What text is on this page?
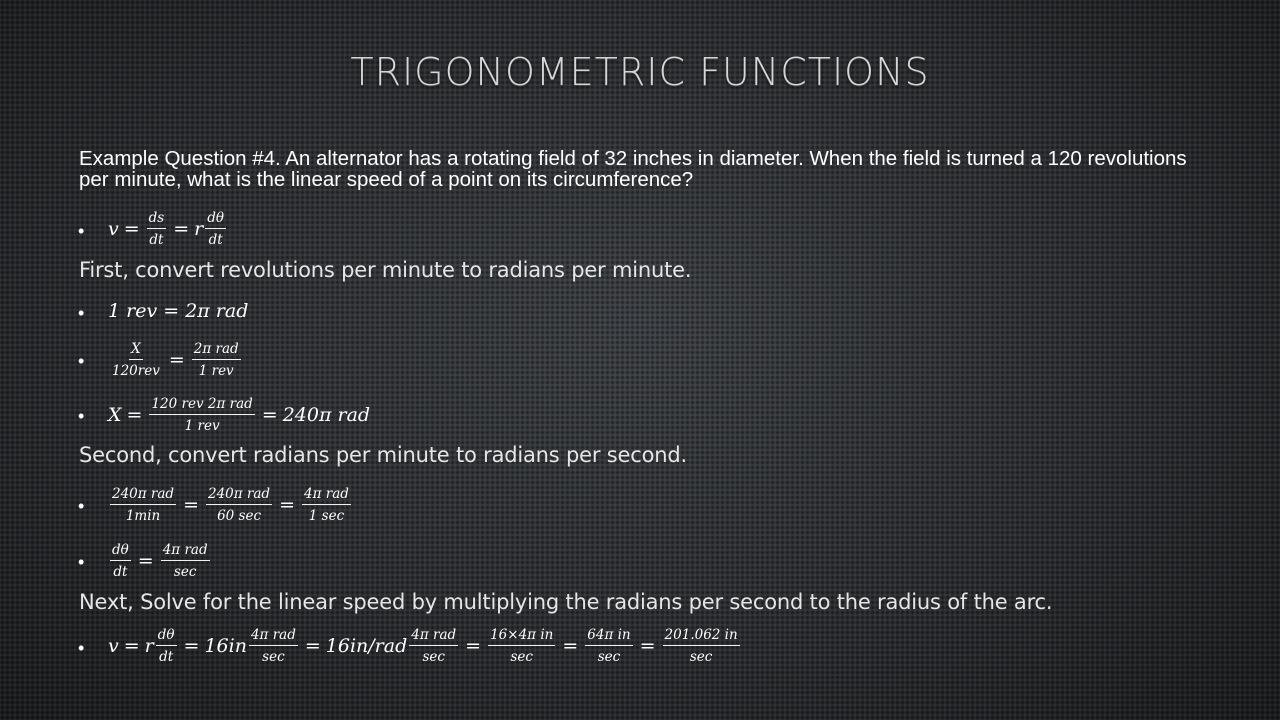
TRIGONOMETRIC FUNCTIONS
Example Question #4. An alternator has a rotating field of 32 inches in diameter. When the field is turned a 120 revolutions per minute, what is the linear speed of a point on its circumference?
• $v = \frac{ds}{dt} = r \frac{d\theta}{dt}$
First, convert revolutions per minute to radians per minute.
• 1 rev = 2π rad
• $\frac{X}{\text{120rev}} = \frac{\text{2π rad}}{\text{1 rev}}$
• $X = \frac{\text{120 rev 2π rad}}{\text{1 rev}} = 240\pi$ rad
Second, convert radians per minute to radians per second.
• $\frac{\text{240π rad}}{1\min} = \frac{\text{240π rad}}{60 \sec} = \frac{\text{4π rad}}{1 \sec}$
• $\frac{d\theta}{dt} = \frac{\text{4π rad}}{\sec}$
Next, Solve for the linear speed by multiplying the radians per second to the radius of the arc.
• v = r $\frac{d\theta}{dt} = 16in \frac{\text{4π rad}}{\sec} = 16in/rad \frac{\text{4π rad}}{\sec} = \frac{\text{16×4π in}}{\sec} = \frac{\text{64π in}}{\sec} = \frac{201.062 in}{\sec}$
